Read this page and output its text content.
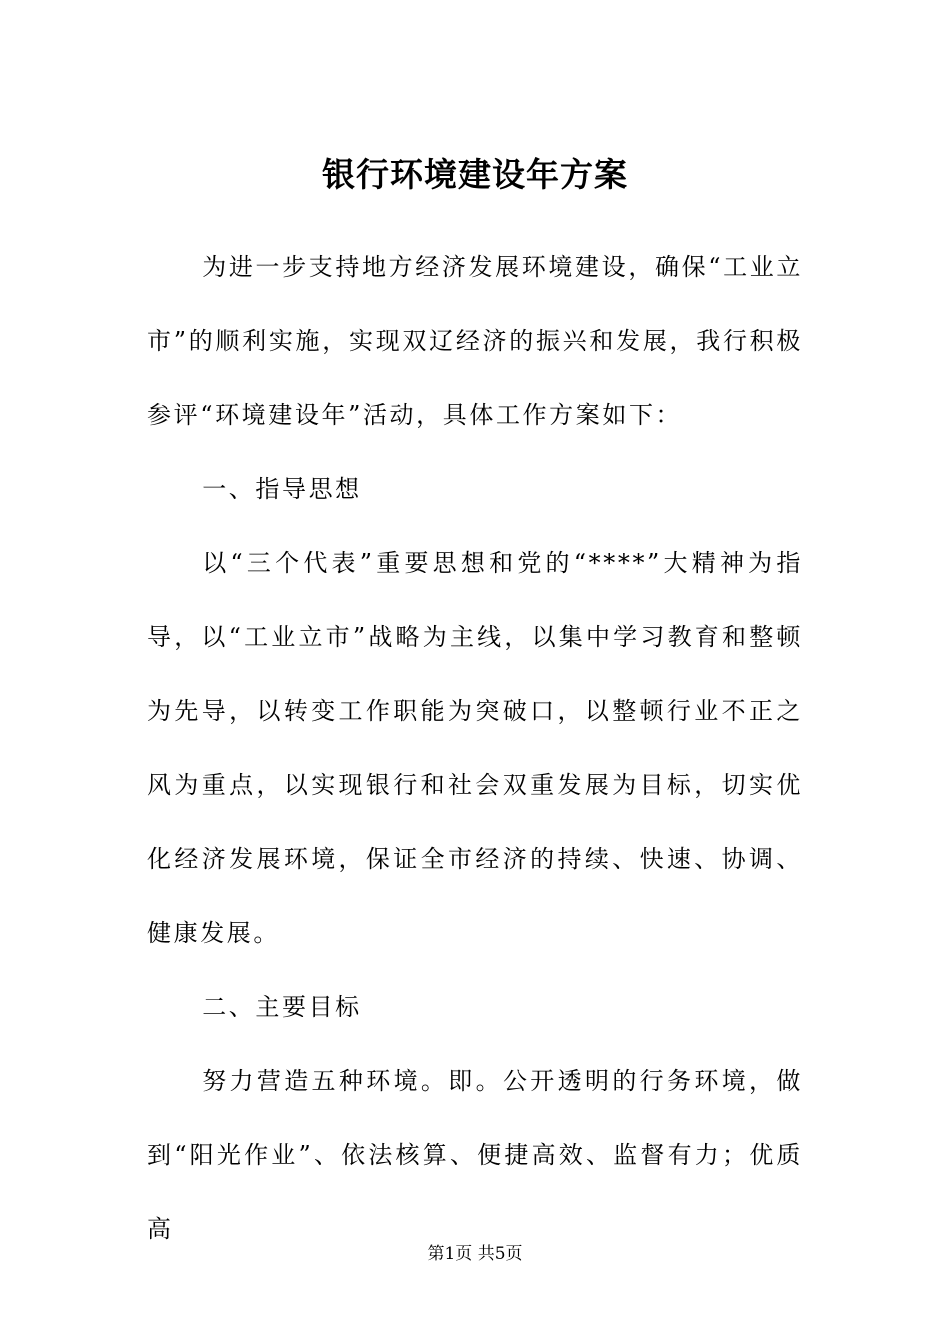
银行环境建设年方案

为进一步支持地方经济发展环境建设，确保“工业立市”的顺利实施，实现双辽经济的振兴和发展，我行积极参评“环境建设年”活动，具体工作方案如下：

一、指导思想

以“三个代表”重要思想和党的“****”大精神为指导，以“工业立市”战略为主线，以集中学习教育和整顿为先导，以转变工作职能为突破口，以整顿行业不正之风为重点，以实现银行和社会双重发展为目标，切实优化经济发展环境，保证全市经济的持续、快速、协调、健康发展。

二、主要目标

努力营造五种环境。即。公开透明的行务环境，做到“阳光作业”、依法核算、便捷高效、监督有力；优质高

第1页 共5页
